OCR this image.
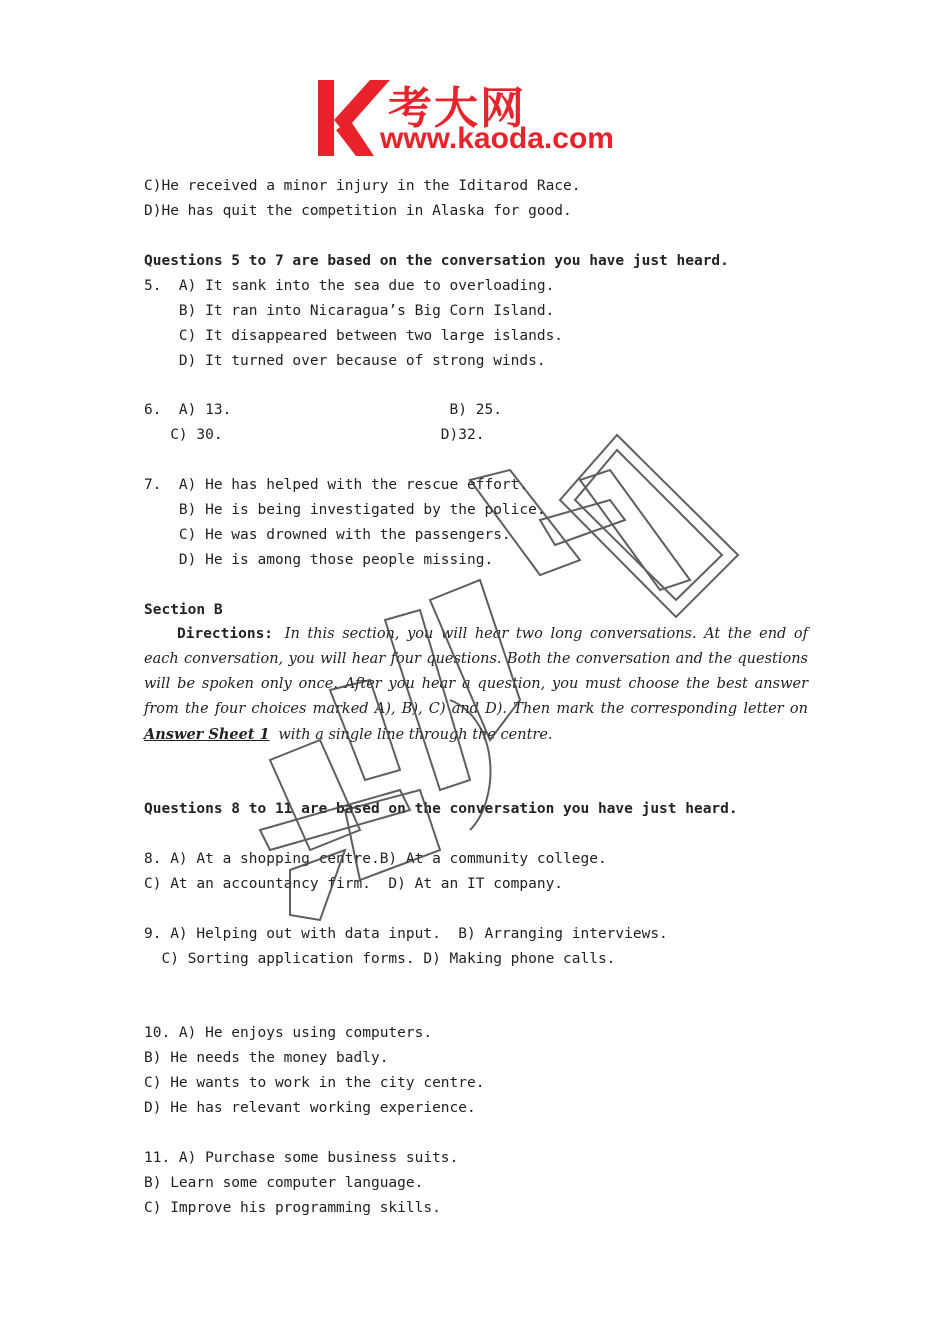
考大网
www.kaoda.com
C)He received a minor injury in the Iditarod Race.
D)He has quit the competition in Alaska for good.
Questions 5 to 7 are based on the conversation you have just heard.
5.  A) It sank into the sea due to overloading.
B) It ran into Nicaragua’s Big Corn Island.
C) It disappeared between two large islands.
D) It turned over because of strong winds.
6.  A) 13.                         B) 25.
C) 30.                         D)32.
7.  A) He has helped with the rescue effort.
B) He is being investigated by the police.
C) He was drowned with the passengers.
D) He is among those people missing.
Section B
Directions: In this section, you will hear two long conversations. At the end of each conversation, you will hear four questions. Both the conversation and the questions will be spoken only once. After you hear a question, you must choose the best answer from the four choices marked A), B), C) and D). Then mark the corresponding letter on Answer Sheet 1 with a single line through the centre.
Questions 8 to 11 are based on the conversation you have just heard.
8. A) At a shopping centre.B) At a community college.
C) At an accountancy firm.  D) At an IT company.
9. A) Helping out with data input.  B) Arranging interviews.
C) Sorting application forms. D) Making phone calls.
10. A) He enjoys using computers.
B) He needs the money badly.
C) He wants to work in the city centre.
D) He has relevant working experience.
11. A) Purchase some business suits.
B) Learn some computer language.
C) Improve his programming skills.
